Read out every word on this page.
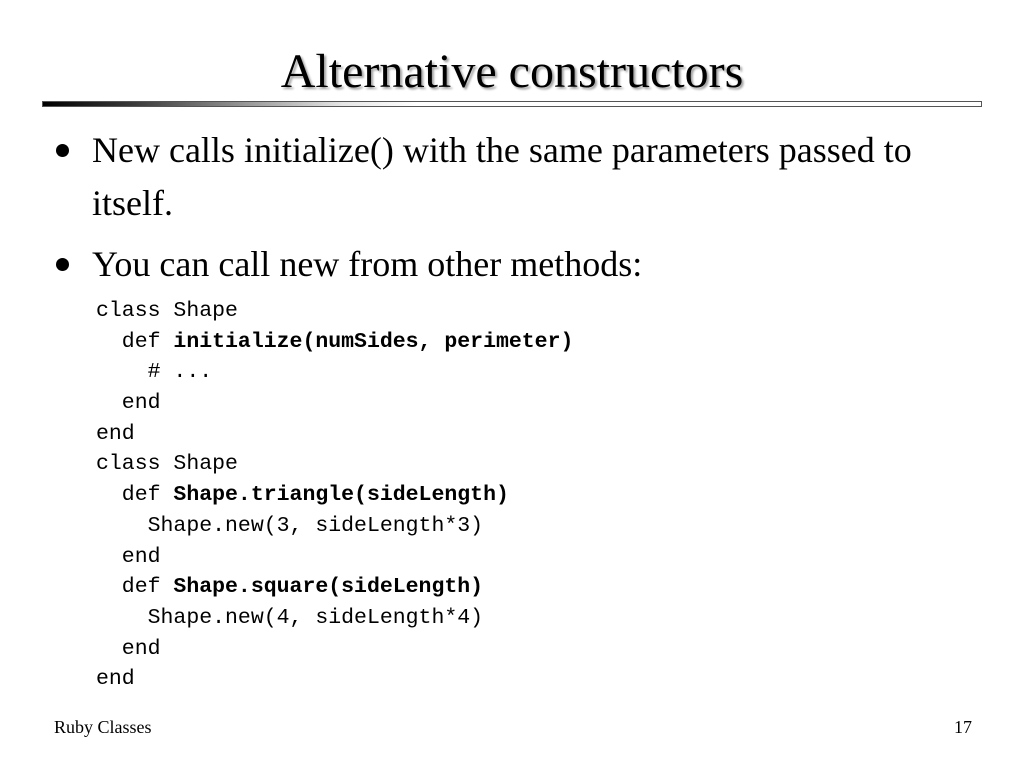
Alternative constructors
New calls initialize() with the same parameters passed to itself.
You can call new from other methods:
class Shape
def initialize(numSides, perimeter)
# ...
end
end
class Shape
def Shape.triangle(sideLength)
Shape.new(3, sideLength*3)
end
def Shape.square(sideLength)
Shape.new(4, sideLength*4)
end
end
Ruby Classes	17
